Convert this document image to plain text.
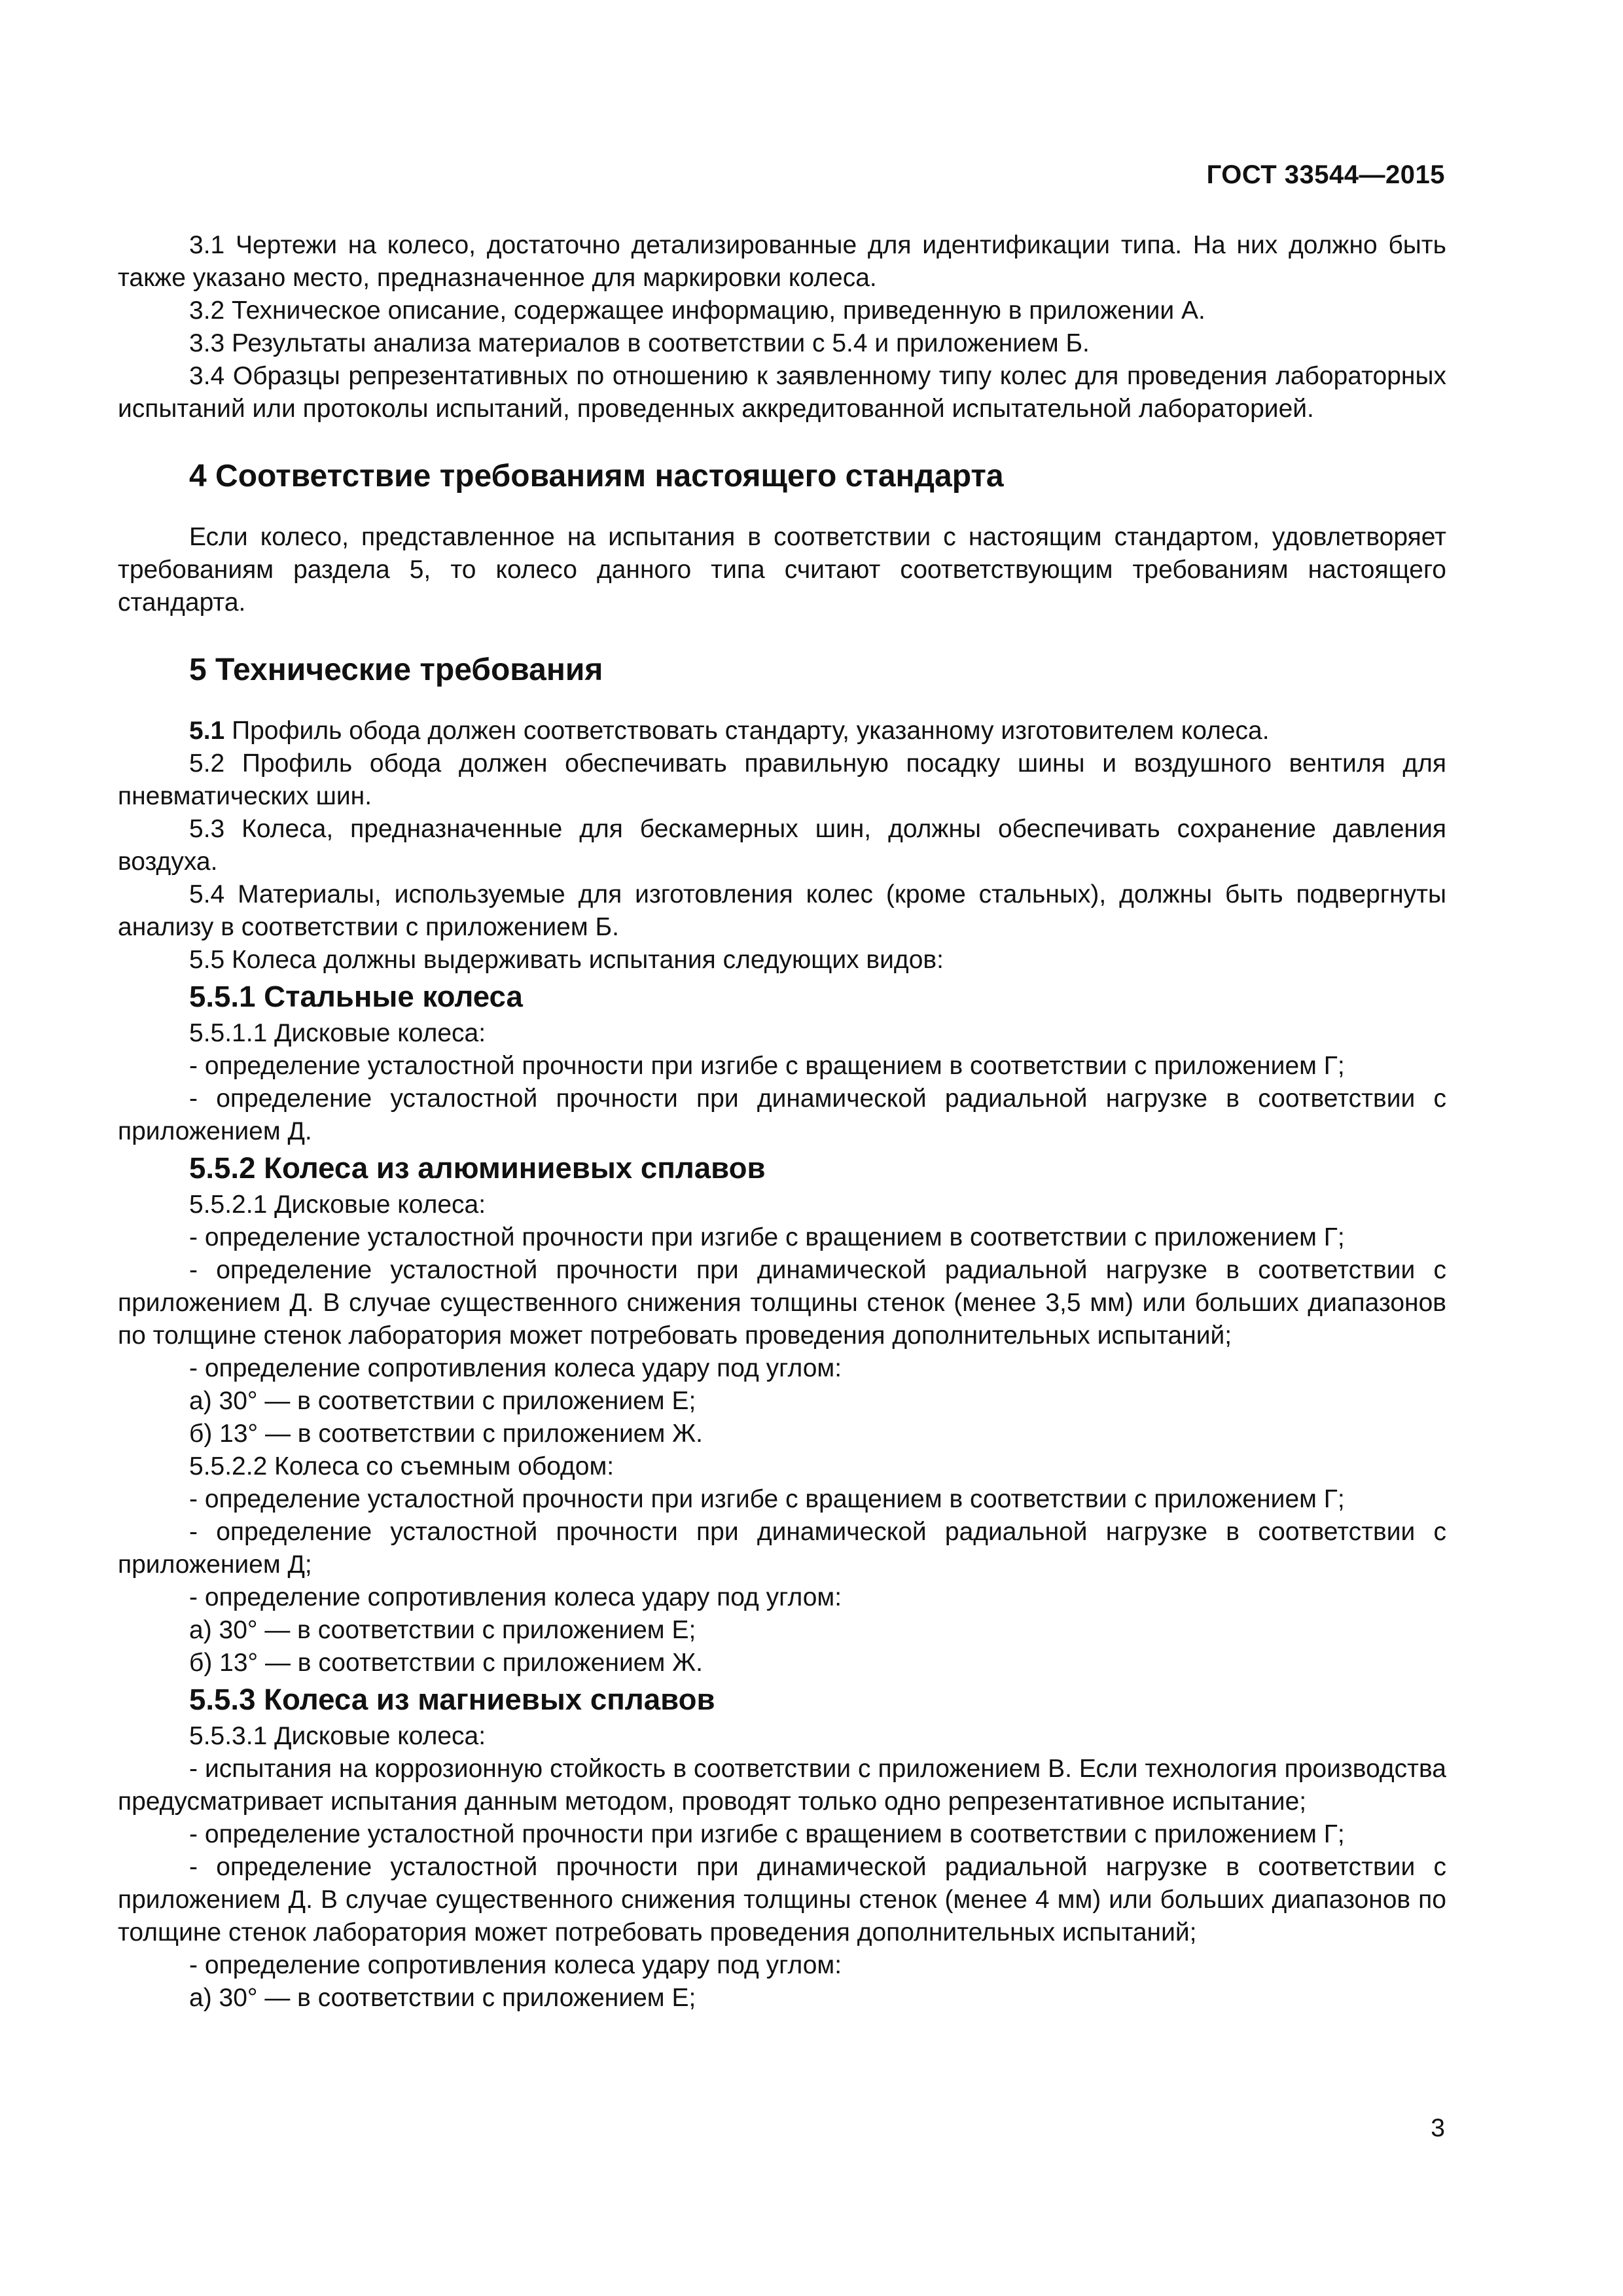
ГОСТ 33544—2015

3.1 Чертежи на колесо, достаточно детализированные для идентификации типа. На них должно быть также указано место, предназначенное для маркировки колеса.

3.2 Техническое описание, содержащее информацию, приведенную в приложении А.

3.3 Результаты анализа материалов в соответствии с 5.4 и приложением Б.

3.4 Образцы репрезентативных по отношению к заявленному типу колес для проведения лабораторных испытаний или протоколы испытаний, проведенных аккредитованной испытательной лабораторией.

4 Соответствие требованиям настоящего стандарта

Если колесо, представленное на испытания в соответствии с настоящим стандартом, удовлетворяет требованиям раздела 5, то колесо данного типа считают соответствующим требованиям настоящего стандарта.

5 Технические требования

5.1 Профиль обода должен соответствовать стандарту, указанному изготовителем колеса.

5.2 Профиль обода должен обеспечивать правильную посадку шины и воздушного вентиля для пневматических шин.

5.3 Колеса, предназначенные для бескамерных шин, должны обеспечивать сохранение давления воздуха.

5.4 Материалы, используемые для изготовления колес (кроме стальных), должны быть подвергнуты анализу в соответствии с приложением Б.

5.5 Колеса должны выдерживать испытания следующих видов:

5.5.1 Стальные колеса

5.5.1.1 Дисковые колеса:

- определение усталостной прочности при изгибе с вращением в соответствии с приложением Г;

- определение усталостной прочности при динамической радиальной нагрузке в соответствии с приложением Д.

5.5.2 Колеса из алюминиевых сплавов

5.5.2.1 Дисковые колеса:

- определение усталостной прочности при изгибе с вращением в соответствии с приложением Г;

- определение усталостной прочности при динамической радиальной нагрузке в соответствии с приложением Д. В случае существенного снижения толщины стенок (менее 3,5 мм) или больших диапазонов по толщине стенок лаборатория может потребовать проведения дополнительных испытаний;

- определение сопротивления колеса удару под углом:

а) 30° — в соответствии с приложением Е;

б) 13° — в соответствии с приложением Ж.

5.5.2.2 Колеса со съемным ободом:

- определение усталостной прочности при изгибе с вращением в соответствии с приложением Г;

- определение усталостной прочности при динамической радиальной нагрузке в соответствии с приложением Д;

- определение сопротивления колеса удару под углом:

а) 30° — в соответствии с приложением Е;

б) 13° — в соответствии с приложением Ж.

5.5.3 Колеса из магниевых сплавов

5.5.3.1 Дисковые колеса:

- испытания на коррозионную стойкость в соответствии с приложением В. Если технология производства предусматривает испытания данным методом, проводят только одно репрезентативное испытание;

- определение усталостной прочности при изгибе с вращением в соответствии с приложением Г;

- определение усталостной прочности при динамической радиальной нагрузке в соответствии с приложением Д. В случае существенного снижения толщины стенок (менее 4 мм) или больших диапазонов по толщине стенок лаборатория может потребовать проведения дополнительных испытаний;

- определение сопротивления колеса удару под углом:

а) 30° — в соответствии с приложением Е;

3
